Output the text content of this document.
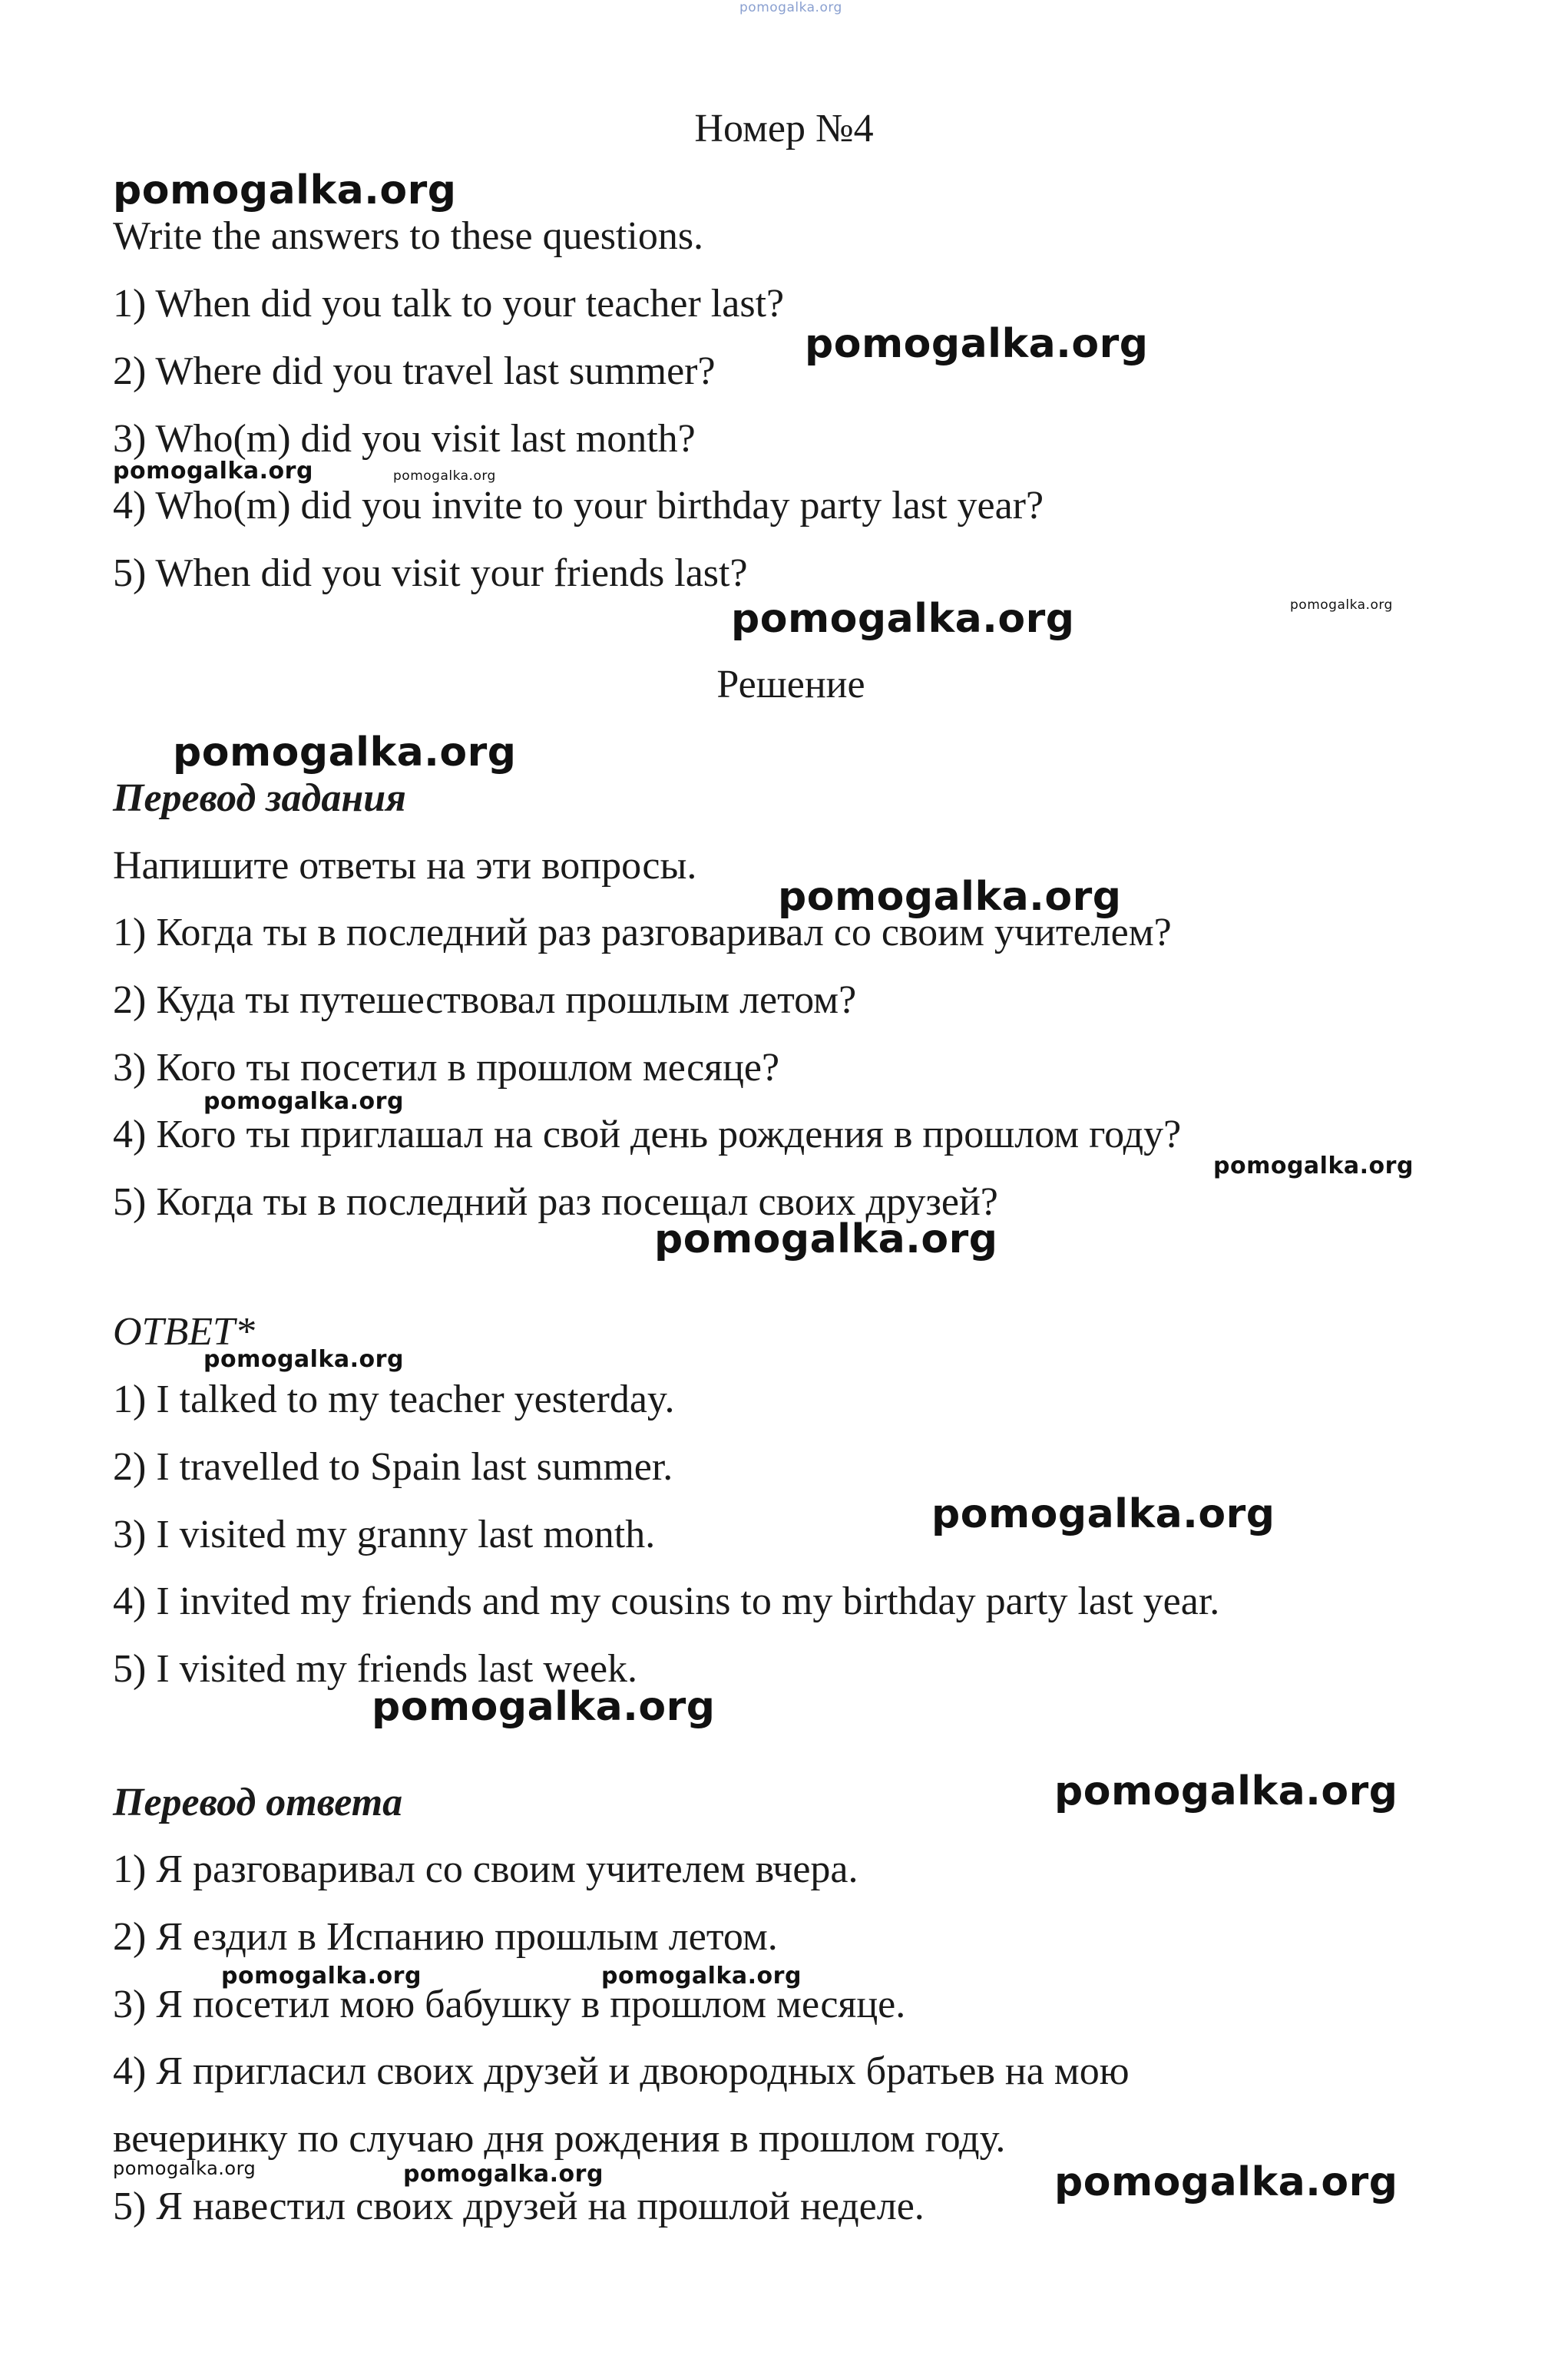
pomogalka.org
Номер №4
Write the answers to these questions.
1) When did you talk to your teacher last?
2) Where did you travel last summer?
3) Who(m) did you visit last month?
4) Who(m) did you invite to your birthday party last year?
5) When did you visit your friends last?
Решение
Перевод задания
Напишите ответы на эти вопросы.
1) Когда ты в последний раз разговаривал со своим учителем?
2) Куда ты путешествовал прошлым летом?
3) Кого ты посетил в прошлом месяце?
4) Кого ты приглашал на свой день рождения в прошлом году?
5) Когда ты в последний раз посещал своих друзей?
ОТВЕТ*
1) I talked to my teacher yesterday.
2) I travelled to Spain last summer.
3) I visited my granny last month.
4) I invited my friends and my cousins to my birthday party last year.
5) I visited my friends last week.
Перевод ответа
1) Я разговаривал со своим учителем вчера.
2) Я ездил в Испанию прошлым летом.
3) Я посетил мою бабушку в прошлом месяце.
4) Я пригласил своих друзей и двоюродных братьев на мою
вечеринку по случаю дня рождения в прошлом году.
5) Я навестил своих друзей на прошлой неделе.
pomogalka.org
pomogalka.org
pomogalka.org	pomogalka.org
pomogalka.org	pomogalka.org
pomogalka.org
pomogalka.org
pomogalka.org
pomogalka.org
pomogalka.org
pomogalka.org
pomogalka.org
pomogalka.org
pomogalka.org
pomogalka.org	pomogalka.org
pomogalka.org	pomogalka.org	pomogalka.org
